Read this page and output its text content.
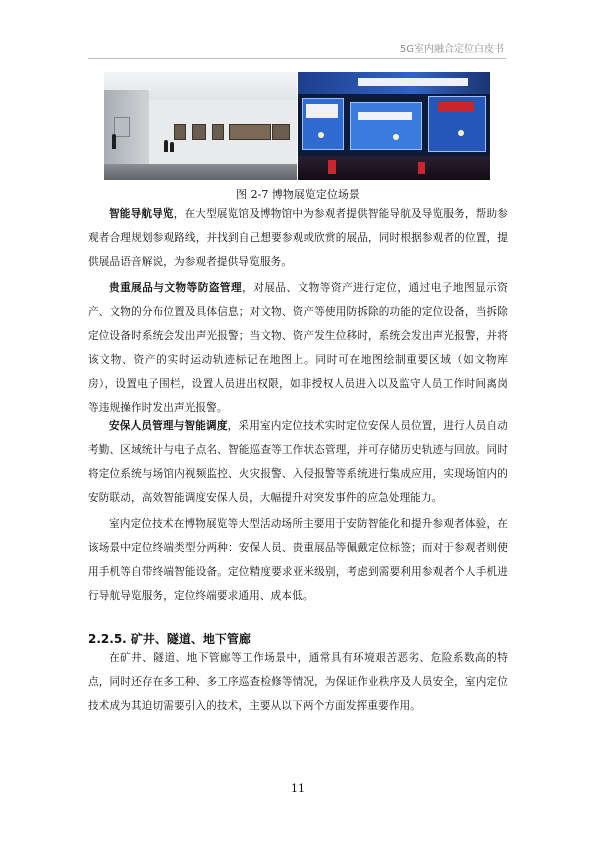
5G室内融合定位白皮书
图 2-7 博物展览定位场景

智能导航导览，在大型展览馆及博物馆中为参观者提供智能导航及导览服务，帮助参观者合理规划参观路线，并找到自己想要参观或欣赏的展品，同时根据参观者的位置，提供展品语音解说，为参观者提供导览服务。

贵重展品与文物等防盗管理，对展品、文物等资产进行定位，通过电子地图显示资产、文物的分布位置及具体信息；对文物、资产等使用防拆除的功能的定位设备，当拆除定位设备时系统会发出声光报警；当文物、资产发生位移时，系统会发出声光报警，并将该文物、资产的实时运动轨迹标记在地图上。同时可在地图绘制重要区域（如文物库房），设置电子围栏，设置人员进出权限，如非授权人员进入以及监守人员工作时间离岗等违规操作时发出声光报警。

安保人员管理与智能调度，采用室内定位技术实时定位安保人员位置，进行人员自动考勤、区域统计与电子点名、智能巡查等工作状态管理，并可存储历史轨迹与回放。同时将定位系统与场馆内视频监控、火灾报警、入侵报警等系统进行集成应用，实现场馆内的安防联动，高效智能调度安保人员，大幅提升对突发事件的应急处理能力。

室内定位技术在博物展览等大型活动场所主要用于安防智能化和提升参观者体验，在该场景中定位终端类型分两种：安保人员、贵重展品等佩戴定位标签；而对于参观者则使用手机等自带终端智能设备。定位精度要求亚米级别，考虑到需要利用参观者个人手机进行导航导览服务，定位终端要求通用、成本低。

2.2.5. 矿井、隧道、地下管廊

在矿井、隧道、地下管廊等工作场景中，通常具有环境艰苦恶劣、危险系数高的特点，同时还存在多工种、多工序巡查检修等情况，为保证作业秩序及人员安全，室内定位技术成为其迫切需要引入的技术，主要从以下两个方面发挥重要作用。

11
